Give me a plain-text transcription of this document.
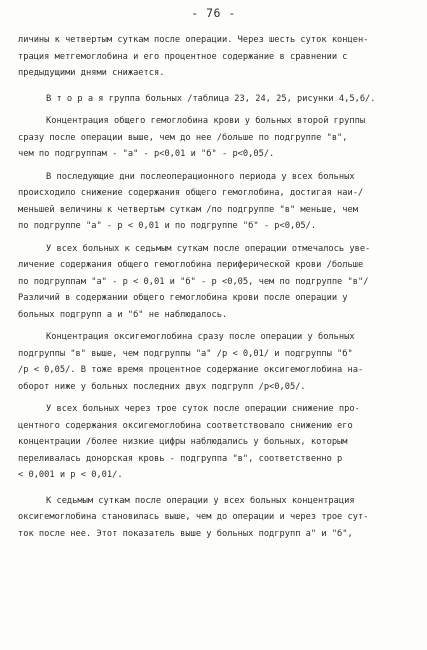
- 76 -
личины к четвертым суткам после операции. Через шесть суток концен-
трация метгемоглобина и его процентное содержание в сравнении с
предыдущими днями снижается.
В т о р а я группа больных /таблица 23, 24, 25, рисунки 4,5,6/.
Концентрация общего гемоглобина крови у больных второй группы
сразу после операции выше, чем до нее /больше по подгруппе "в",
чем по подгруппам - "а" - р<0,01 и "б" - р<0,05/.
В последующие дни послеоперационного периода у всех больных
происходило снижение содержания общего гемоглобина, достигая наи-/
меньшей величины к четвертым суткам /по подгруппе "в" меньше, чем
по подгруппе "а" - р < 0,01 и по подгруппе "б" - р<0,05/.
У всех больных к седьмым суткам после операции отмечалось уве-
личение содержания общего гемоглобина периферической крови /больше
по подгруппам "а" - р < 0,01 и "б" - р <0,05, чем по подгруппе "в"/
Различий в содержании общего гемоглобина крови после операции у
больных подгрупп а и "б" не наблюдалось.
Концентрация оксигемоглобина сразу после операции у больных
подгруппы "в" выше, чем подгруппы "а" /р < 0,01/ и подгруппы "б"
/р < 0,05/. В тоже время процентное содержание оксигемоглобина на-
оборот ниже у больных последних двух подгрупп /р<0,05/.
У всех больных через трое суток после операции снижение про-
центного содержания оксигемоглобина соответствовало снижению его
концентрации /более низкие цифры наблюдались у больных, которым
переливалась донорская кровь - подгруппа "в", соответственно р
< 0,001 и р < 0,01/.
К седьмым суткам после операции у всех больных концентрация
оксигемоглобина становилась выше, чем до операции и через трое сут-
ток после нее. Этот показатель выше у больных подгрупп а" и "б",
